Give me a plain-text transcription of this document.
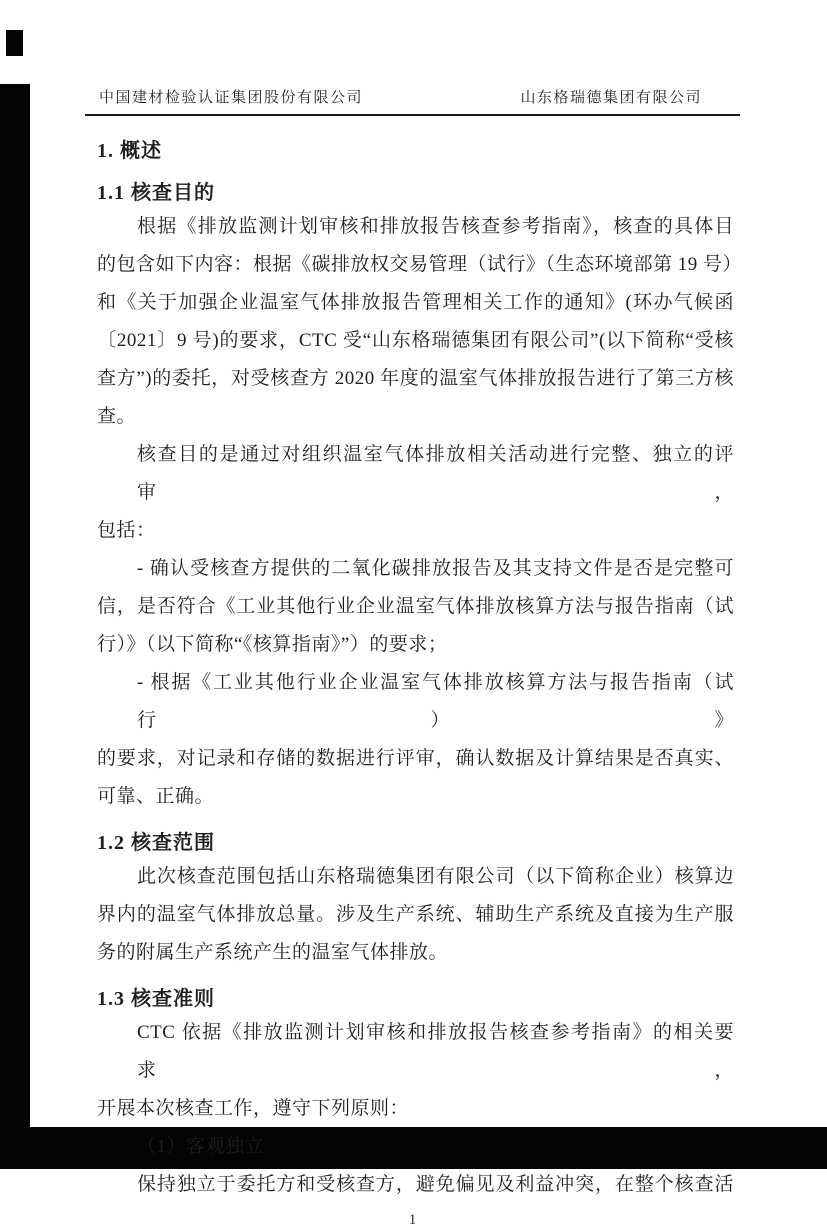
中国建材检验认证集团股份有限公司	山东格瑞德集团有限公司
1. 概述
1.1 核查目的
根据《排放监测计划审核和排放报告核查参考指南》，核查的具体目
的包含如下内容：根据《碳排放权交易管理（试行》（生态环境部第 19 号）
和《关于加强企业温室气体排放报告管理相关工作的通知》(环办气候函
〔2021〕9 号)的要求，CTC 受“山东格瑞德集团有限公司”(以下简称“受核
查方”)的委托，对受核查方 2020 年度的温室气体排放报告进行了第三方核
查。
核查目的是通过对组织温室气体排放相关活动进行完整、独立的评审，
包括：
- 确认受核查方提供的二氧化碳排放报告及其支持文件是否是完整可
信，是否符合《工业其他行业企业温室气体排放核算方法与报告指南（试
行）》（以下简称“《核算指南》”）的要求；
- 根据《工业其他行业企业温室气体排放核算方法与报告指南（试行）》
的要求，对记录和存储的数据进行评审，确认数据及计算结果是否真实、
可靠、正确。
1.2 核查范围
此次核查范围包括山东格瑞德集团有限公司（以下简称企业）核算边
界内的温室气体排放总量。涉及生产系统、辅助生产系统及直接为生产服
务的附属生产系统产生的温室气体排放。
1.3 核查准则
CTC 依据《排放监测计划审核和排放报告核查参考指南》的相关要求，
开展本次核查工作，遵守下列原则：
（1）客观独立
保持独立于委托方和受核查方，避免偏见及利益冲突，在整个核查活
1
